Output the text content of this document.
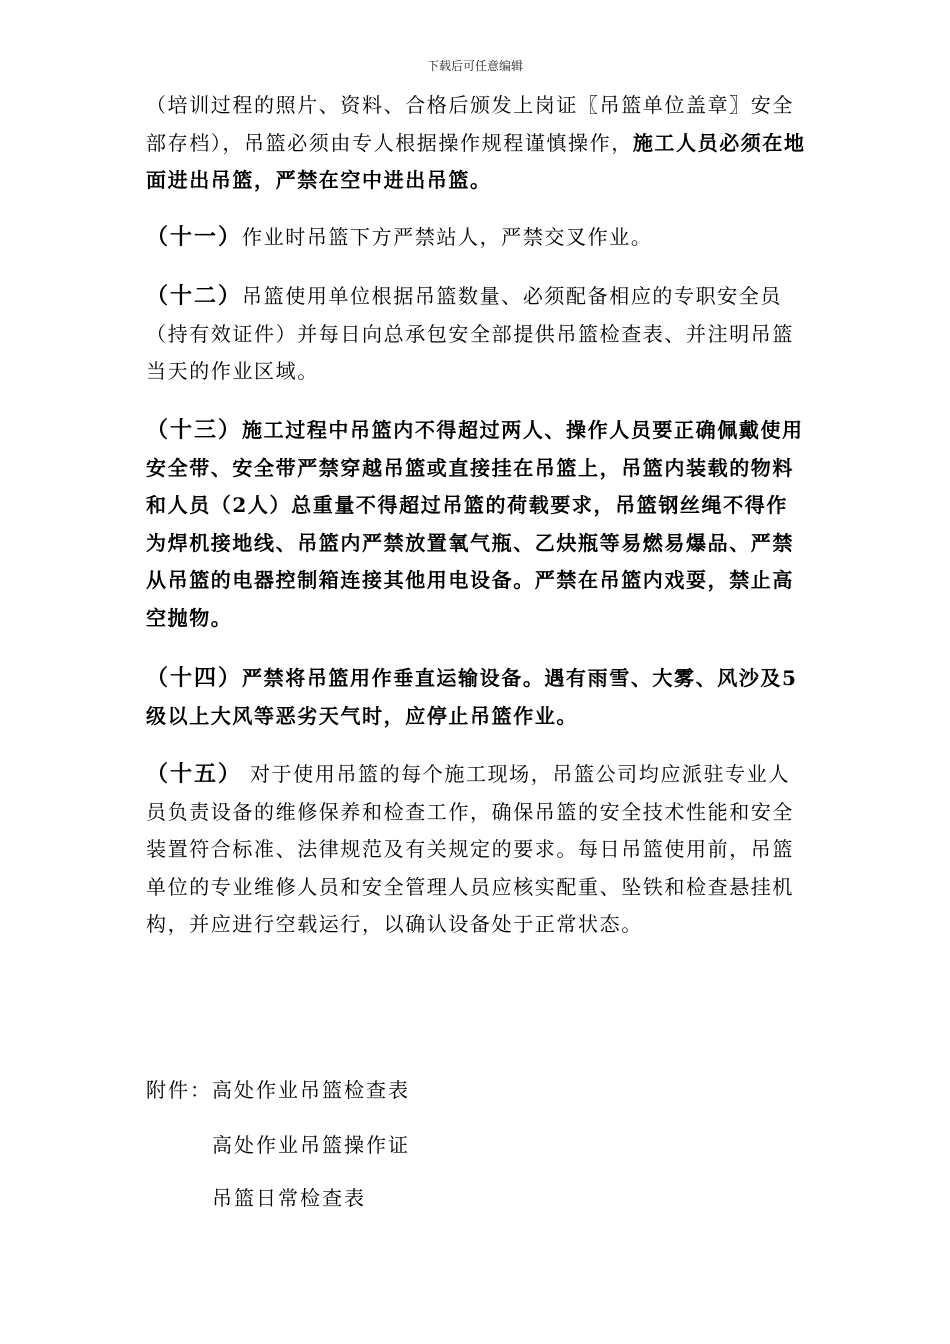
下载后可任意编辑

（培训过程的照片、资料、合格后颁发上岗证〖吊篮单位盖章〗安全部存档），吊篮必须由专人根据操作规程谨慎操作，施工人员必须在地面进出吊篮，严禁在空中进出吊篮。

（十一）作业时吊篮下方严禁站人，严禁交叉作业。

（十二）吊篮使用单位根据吊篮数量、必须配备相应的专职安全员（持有效证件）并每日向总承包安全部提供吊篮检查表、并注明吊篮当天的作业区域。

（十三）施工过程中吊篮内不得超过两人、操作人员要正确佩戴使用安全带、安全带严禁穿越吊篮或直接挂在吊篮上，吊篮内装载的物料和人员（2人）总重量不得超过吊篮的荷载要求，吊篮钢丝绳不得作为焊机接地线、吊篮内严禁放置氧气瓶、乙炔瓶等易燃易爆品、严禁从吊篮的电器控制箱连接其他用电设备。严禁在吊篮内戏耍，禁止高空抛物。

（十四）严禁将吊篮用作垂直运输设备。遇有雨雪、大雾、风沙及5级以上大风等恶劣天气时，应停止吊篮作业。

（十五） 对于使用吊篮的每个施工现场，吊篮公司均应派驻专业人员负责设备的维修保养和检查工作，确保吊篮的安全技术性能和安全装置符合标准、法律规范及有关规定的要求。每日吊篮使用前，吊篮单位的专业维修人员和安全管理人员应核实配重、坠铁和检查悬挂机构，并应进行空载运行，以确认设备处于正常状态。

附件： 高处作业吊篮检查表
高处作业吊篮操作证
吊篮日常检查表
